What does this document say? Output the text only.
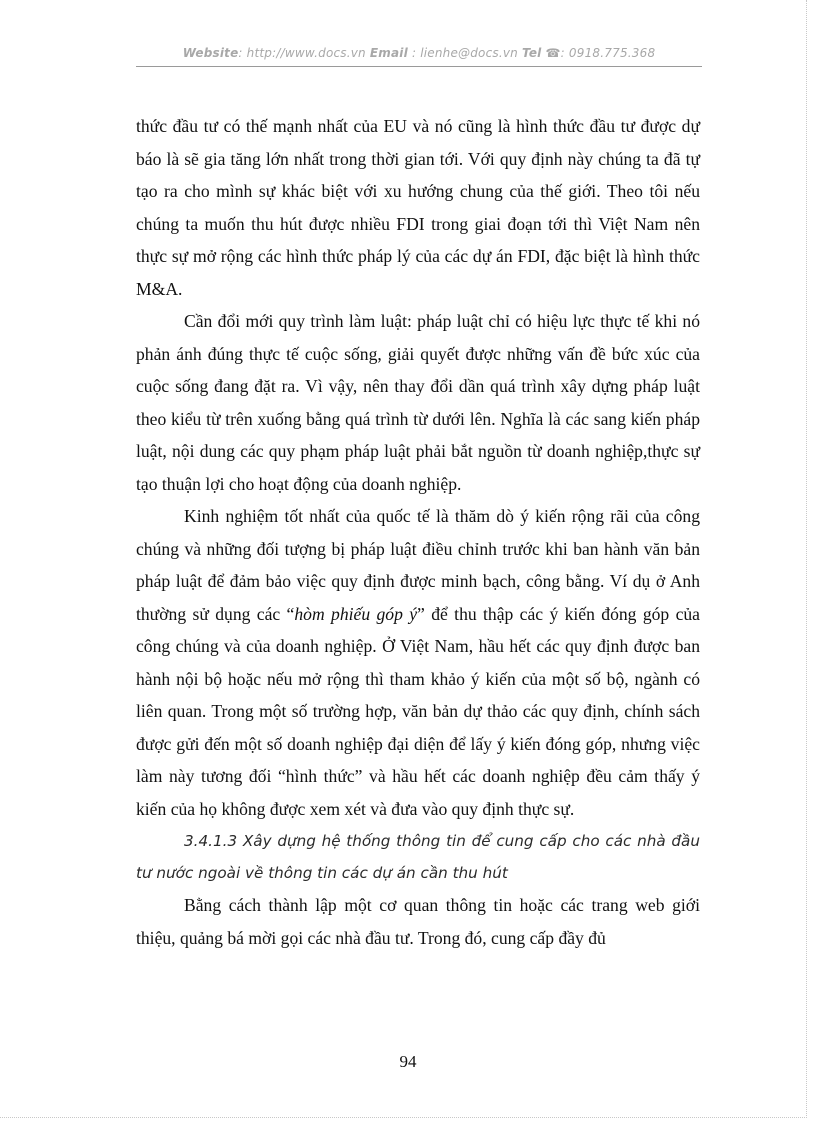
Website: http://www.docs.vn Email : lienhe@docs.vn Tel ☎: 0918.775.368

thức đầu tư có thế mạnh nhất của EU và nó cũng là hình thức đầu tư được dự báo là sẽ gia tăng lớn nhất trong thời gian tới. Với quy định này chúng ta đã tự tạo ra cho mình sự khác biệt với xu hướng chung của thế giới. Theo tôi nếu chúng ta muốn thu hút được nhiều FDI trong giai đoạn tới thì Việt Nam nên thực sự mở rộng các hình thức pháp lý của các dự án FDI, đặc biệt là hình thức M&A.

Cần đổi mới quy trình làm luật: pháp luật chỉ có hiệu lực thực tế khi nó phản ánh đúng thực tế cuộc sống, giải quyết được những vấn đề bức xúc của cuộc sống đang đặt ra. Vì vậy, nên thay đổi dần quá trình xây dựng pháp luật theo kiểu từ trên xuống bằng quá trình từ dưới lên. Nghĩa là các sang kiến pháp luật, nội dung các quy phạm pháp luật phải bắt nguồn từ doanh nghiệp,thực sự tạo thuận lợi cho hoạt động của doanh nghiệp.

Kinh nghiệm tốt nhất của quốc tế là thăm dò ý kiến rộng rãi của công chúng và những đối tượng bị pháp luật điều chỉnh trước khi ban hành văn bản pháp luật để đảm bảo việc quy định được minh bạch, công bằng. Ví dụ ở Anh thường sử dụng các “hòm phiếu góp ý” để thu thập các ý kiến đóng góp của công chúng và của doanh nghiệp. Ở Việt Nam, hầu hết các quy định được ban hành nội bộ hoặc nếu mở rộng thì tham khảo ý kiến của một số bộ, ngành có liên quan. Trong một số trường hợp, văn bản dự thảo các quy định, chính sách được gửi đến một số doanh nghiệp đại diện để lấy ý kiến đóng góp, nhưng việc làm này tương đối “hình thức” và hầu hết các doanh nghiệp đều cảm thấy ý kiến của họ không được xem xét và đưa vào quy định thực sự.

3.4.1.3 Xây dựng hệ thống thông tin để cung cấp cho các nhà đầu tư nước ngoài về thông tin các dự án cần thu hút

Bằng cách thành lập một cơ quan thông tin hoặc các trang web giới thiệu, quảng bá mời gọi các nhà đầu tư. Trong đó, cung cấp đầy đủ

94
